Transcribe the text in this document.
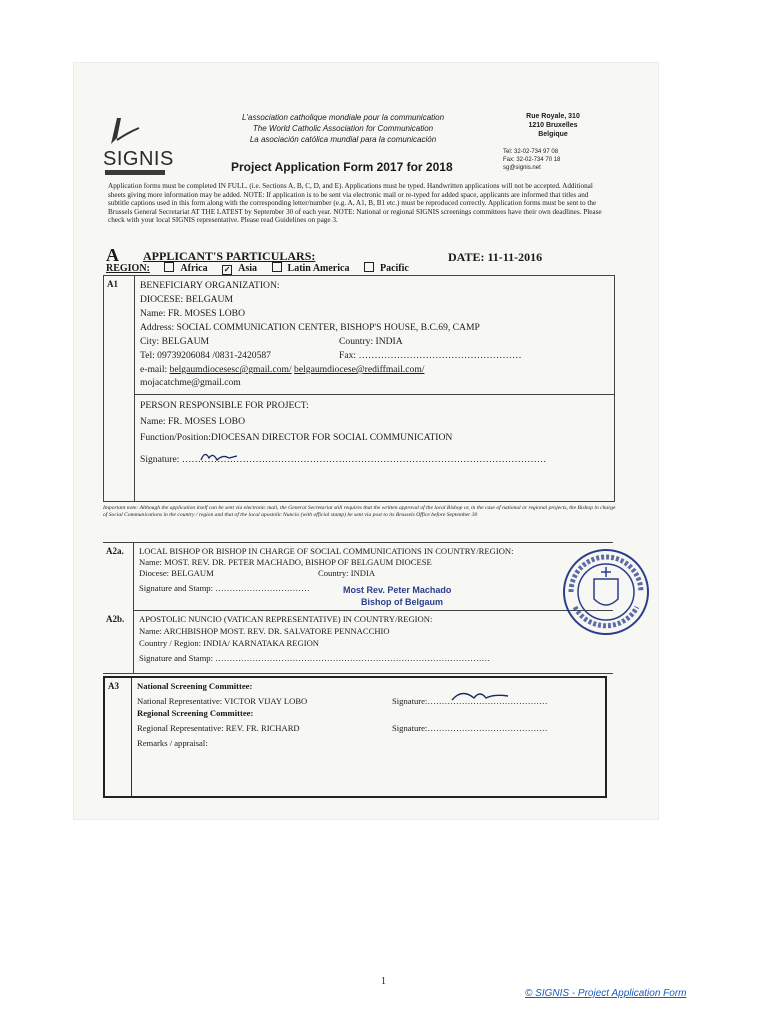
SIGNIS
L'association catholique mondiale pour la communication
The World Catholic Association for Communication
La asociación católica mundial para la comunicación
Rue Royale, 310
1210 Bruxelles
Belgique
Tel: 32-02-734 97 08
Fax: 32-02-734 70 18
sg@signis.net
Project Application Form 2017 for 2018
Application forms must be completed IN FULL. (i.e. Sections A, B, C, D, and E). Applications must be typed. Handwritten applications will not be accepted. Additional sheets giving more information may be added. NOTE: If application is to be sent via electronic mail or re-typed for added space, applicants are informed that titles and subtitle captions used in this form along with the corresponding letter/number (e.g. A, A1, B, B1 etc.) must be reproduced correctly. Application forms must be sent to the Brussels General Secretariat AT THE LATEST by September 30 of each year. NOTE: National or regional SIGNIS screenings committees have their own deadlines. Please check with your local SIGNIS representative. Please read Guidelines on page 3.
A APPLICANT'S PARTICULARS:	DATE: 11-11-2016
REGION:	Africa ✓ Asia	Latin America	Pacific
A1 BENEFICIARY ORGANIZATION:
DIOCESE: BELGAUM
Name: FR. MOSES LOBO
Address: SOCIAL COMMUNICATION CENTER, BISHOP'S HOUSE, B.C.69, CAMP
City: BELGAUM	Country: INDIA
Tel: 09739206084 /0831-2420587	Fax: ……………………………………………
e-mail: belgaumdiocesesc@gmail.com/ belgaumdiocese@rediffmail.com/
mojacatchme@gmail.com
PERSON RESPONSIBLE FOR PROJECT:
Name: FR. MOSES LOBO
Function/Position:DIOCESAN DIRECTOR FOR SOCIAL COMMUNICATION
Signature: ……………………………………………………………………………………………………
Important note: Although the application itself can be sent via electronic mail, the General Secretariat still requires that the written approval of the local Bishop or, in the case of national or regional projects, the Bishop in charge of Social Communications in the country / region and that of the local apostolic Nuncio (with official stamp) be sent via post to its Brussels Office before September 30
A2a. LOCAL BISHOP OR BISHOP IN CHARGE OF SOCIAL COMMUNICATIONS IN COUNTRY/REGION:
Name: MOST. REV. DR. PETER MACHADO, BISHOP OF BELGAUM DIOCESE
Diocese: BELGAUM	Country: INDIA
Signature and Stamp: ……………………………	Most Rev. Peter Machado
Bishop of Belgaum
A2b. APOSTOLIC NUNCIO (VATICAN REPRESENTATIVE) IN COUNTRY/REGION:
Name: ARCHBISHOP MOST. REV. DR. SALVATORE PENNACCHIO
Country / Region: INDIA/ KARNATAKA REGION
Signature and Stamp: ……………………………………………………………………………………
A3 National Screening Committee:
National Representative: VICTOR VIJAY LOBO	Signature:……………………………………
Regional Screening Committee:
Regional Representative: REV. FR. RICHARD	Signature:……………………………………
Remarks / appraisal:
1
© SIGNIS - Project Application Form
